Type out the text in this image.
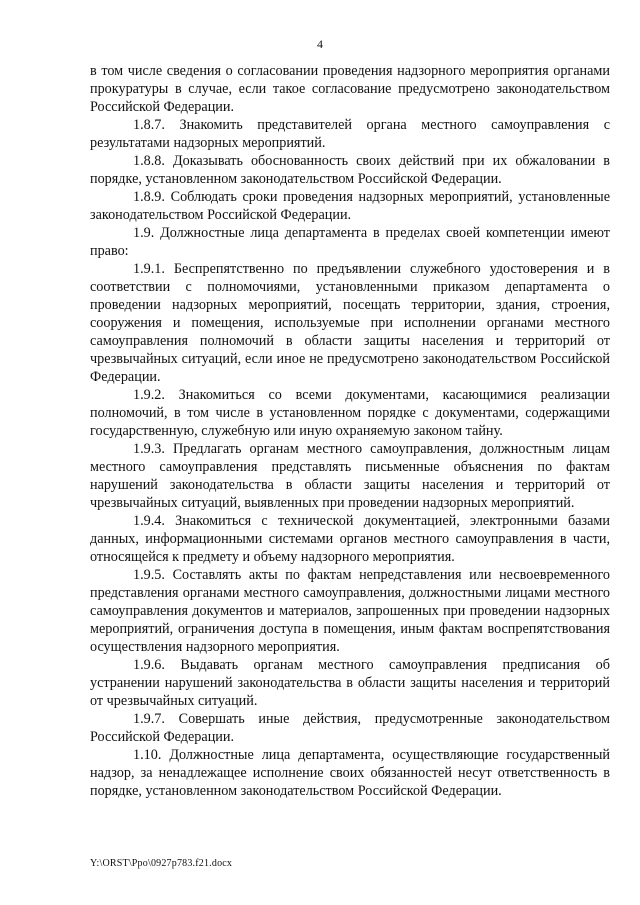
4

в том числе сведения о согласовании проведения надзорного мероприятия органами прокуратуры в случае, если такое согласование предусмотрено законодательством Российской Федерации.

1.8.7. Знакомить представителей органа местного самоуправления с результатами надзорных мероприятий.

1.8.8. Доказывать обоснованность своих действий при их обжаловании в порядке, установленном законодательством Российской Федерации.

1.8.9. Соблюдать сроки проведения надзорных мероприятий, установленные законодательством Российской Федерации.

1.9. Должностные лица департамента в пределах своей компетенции имеют право:

1.9.1. Беспрепятственно по предъявлении служебного удостоверения и в соответствии с полномочиями, установленными приказом департамента о проведении надзорных мероприятий, посещать территории, здания, строения, сооружения и помещения, используемые при исполнении органами местного самоуправления полномочий в области защиты населения и территорий от чрезвычайных ситуаций, если иное не предусмотрено законодательством Российской Федерации.

1.9.2. Знакомиться со всеми документами, касающимися реализации полномочий, в том числе в установленном порядке с документами, содержащими государственную, служебную или иную охраняемую законом тайну.

1.9.3. Предлагать органам местного самоуправления, должностным лицам местного самоуправления представлять письменные объяснения по фактам нарушений законодательства в области защиты населения и территорий от чрезвычайных ситуаций, выявленных при проведении надзорных мероприятий.

1.9.4. Знакомиться с технической документацией, электронными базами данных, информационными системами органов местного самоуправления в части, относящейся к предмету и объему надзорного мероприятия.

1.9.5. Составлять акты по фактам непредставления или несвоевременного представления органами местного самоуправления, должностными лицами местного самоуправления документов и материалов, запрошенных при проведении надзорных мероприятий, ограничения доступа в помещения, иным фактам воспрепятствования осуществления надзорного мероприятия.

1.9.6. Выдавать органам местного самоуправления предписания об устранении нарушений законодательства в области защиты населения и территорий от чрезвычайных ситуаций.

1.9.7. Совершать иные действия, предусмотренные законодательством Российской Федерации.

1.10. Должностные лица департамента, осуществляющие государственный надзор, за ненадлежащее исполнение своих обязанностей несут ответственность в порядке, установленном законодательством Российской Федерации.

Y:\ORST\Ppo\0927p783.f21.docx
